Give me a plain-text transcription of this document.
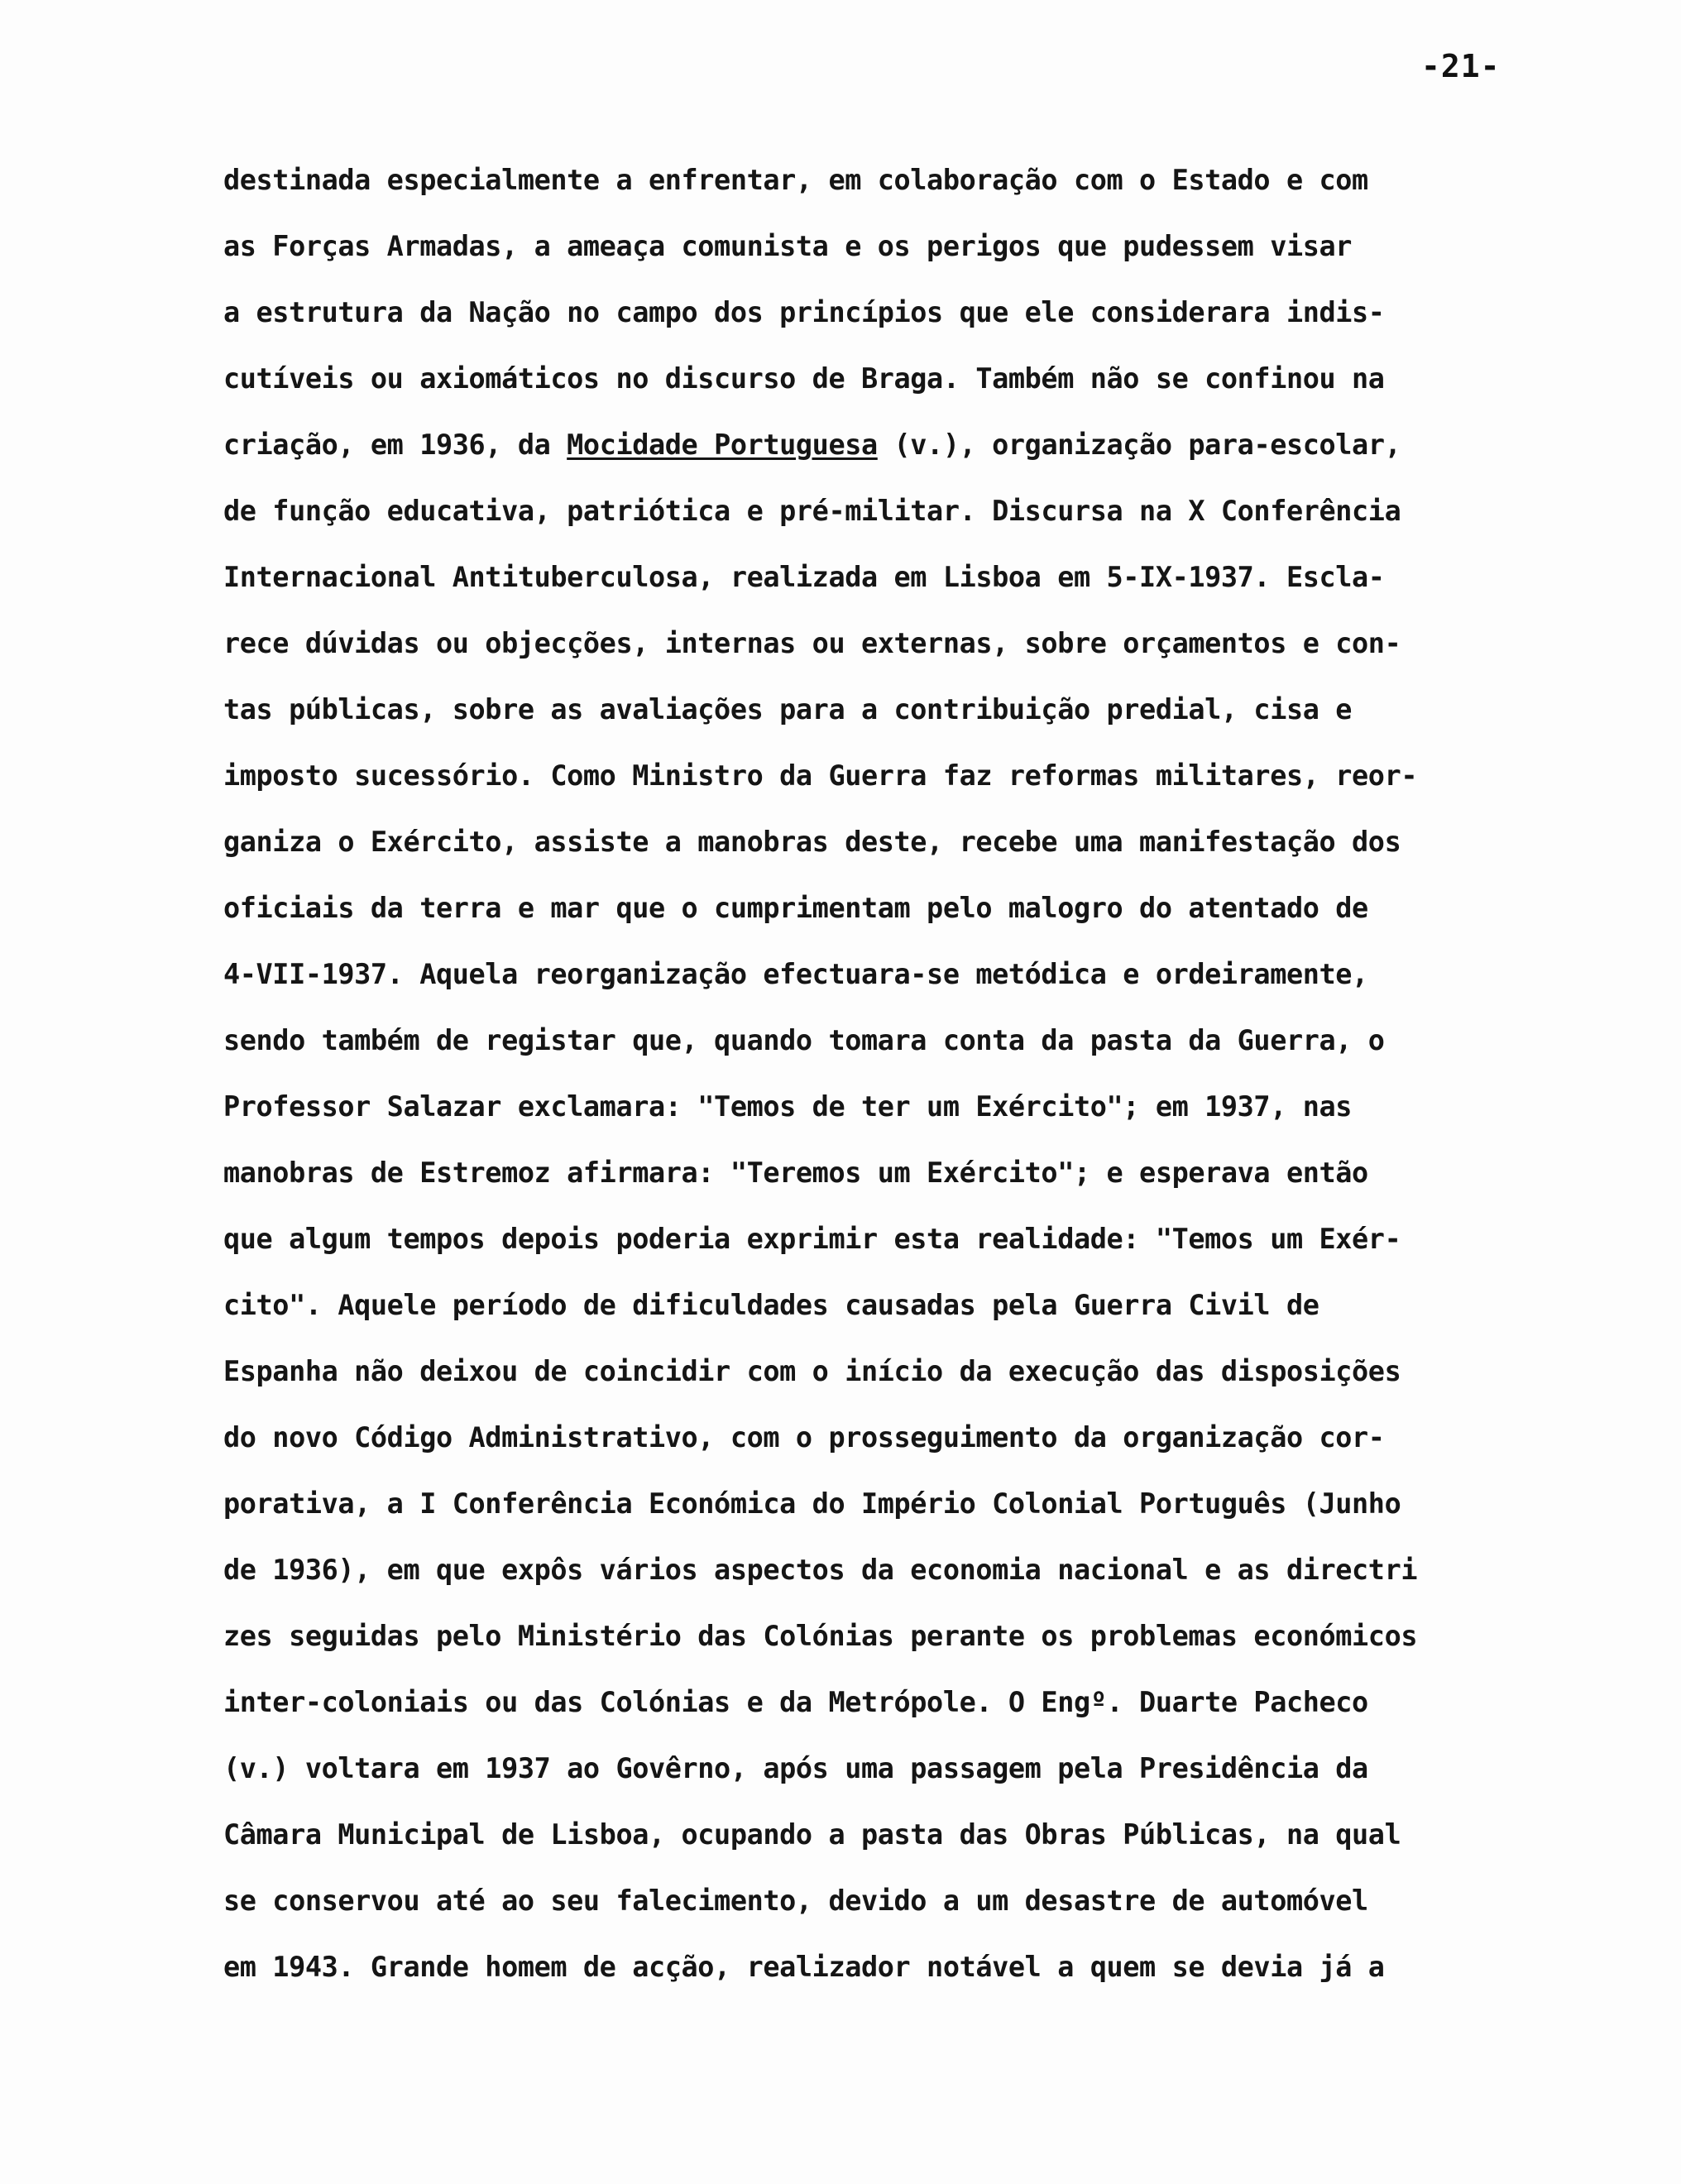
-21-
destinada especialmente a enfrentar, em colaboração com o Estado e com
as Forças Armadas, a ameaça comunista e os perigos que pudessem visar
a estrutura da Nação no campo dos princípios que ele considerara indis-
cutíveis ou axiomáticos no discurso de Braga. Também não se confinou na
criação, em 1936, da Mocidade Portuguesa (v.), organização para-escolar,
de função educativa, patriótica e pré-militar. Discursa na X Conferência
Internacional Antituberculosa, realizada em Lisboa em 5-IX-1937. Escla-
rece dúvidas ou objecções, internas ou externas, sobre orçamentos e con-
tas públicas, sobre as avaliações para a contribuição predial, cisa e
imposto sucessório. Como Ministro da Guerra faz reformas militares, reor-
ganiza o Exército, assiste a manobras deste, recebe uma manifestação dos
oficiais da terra e mar que o cumprimentam pelo malogro do atentado de
4-VII-1937. Aquela reorganização efectuara-se metódica e ordeiramente,
sendo também de registar que, quando tomara conta da pasta da Guerra, o
Professor Salazar exclamara: "Temos de ter um Exército"; em 1937, nas
manobras de Estremoz afirmara: "Teremos um Exército"; e esperava então
que algum tempos depois poderia exprimir esta realidade: "Temos um Exér-
cito". Aquele período de dificuldades causadas pela Guerra Civil de
Espanha não deixou de coincidir com o início da execução das disposições
do novo Código Administrativo, com o prosseguimento da organização cor-
porativa, a I Conferência Económica do Império Colonial Português (Junho
de 1936), em que expôs vários aspectos da economia nacional e as directri
zes seguidas pelo Ministério das Colónias perante os problemas económicos
inter-coloniais ou das Colónias e da Metrópole. O Engº. Duarte Pacheco
(v.) voltara em 1937 ao Govêrno, após uma passagem pela Presidência da
Câmara Municipal de Lisboa, ocupando a pasta das Obras Públicas, na qual
se conservou até ao seu falecimento, devido a um desastre de automóvel
em 1943. Grande homem de acção, realizador notável a quem se devia já a
